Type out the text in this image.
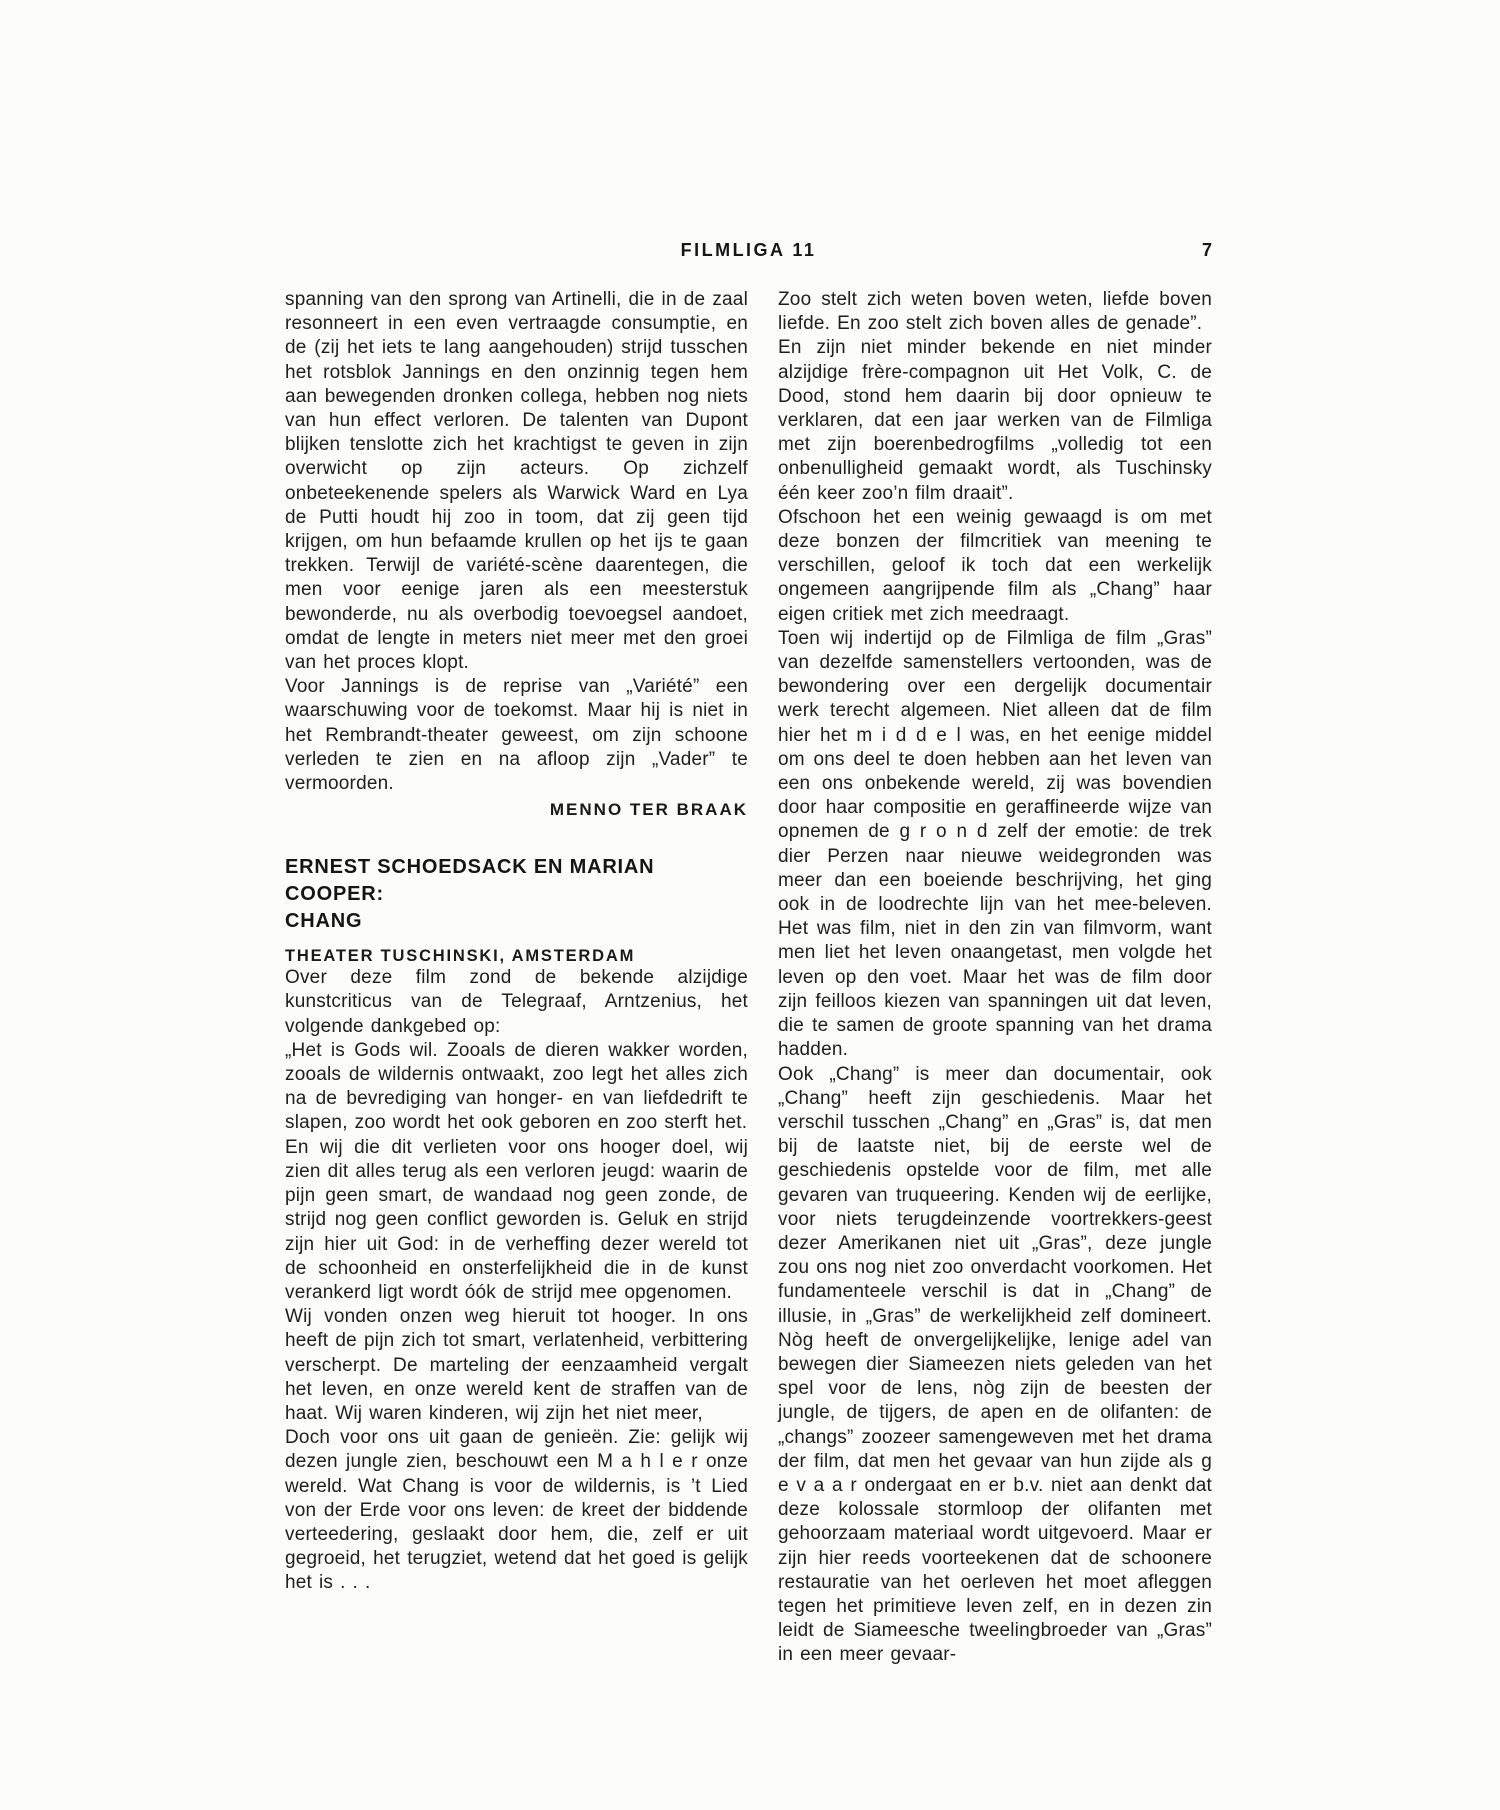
FILMLIGA 11	7

spanning van den sprong van Artinelli, die in de zaal resonneert in een even vertraagde consumptie, en de (zij het iets te lang aangehouden) strijd tusschen het rotsblok Jannings en den onzinnig tegen hem aan bewegenden dronken collega, hebben nog niets van hun effect verloren. De talenten van Dupont blijken tenslotte zich het krachtigst te geven in zijn overwicht op zijn acteurs. Op zichzelf onbeteekenende spelers als Warwick Ward en Lya de Putti houdt hij zoo in toom, dat zij geen tijd krijgen, om hun befaamde krullen op het ijs te gaan trekken. Terwijl de variété-scène daarentegen, die men voor eenige jaren als een meesterstuk bewonderde, nu als overbodig toevoegsel aandoet, omdat de lengte in meters niet meer met den groei van het proces klopt.

Voor Jannings is de reprise van „Variété” een waarschuwing voor de toekomst. Maar hij is niet in het Rembrandt-theater geweest, om zijn schoone verleden te zien en na afloop zijn „Vader” te vermoorden.

MENNO TER BRAAK

ERNEST SCHOEDSACK EN MARIAN COOPER:
CHANG
THEATER TUSCHINSKI, AMSTERDAM

Over deze film zond de bekende alzijdige kunstcriticus van de Telegraaf, Arntzenius, het volgende dankgebed op:

„Het is Gods wil. Zooals de dieren wakker worden, zooals de wildernis ontwaakt, zoo legt het alles zich na de bevrediging van honger- en van liefdedrift te slapen, zoo wordt het ook geboren en zoo sterft het.

En wij die dit verlieten voor ons hooger doel, wij zien dit alles terug als een verloren jeugd: waarin de pijn geen smart, de wandaad nog geen zonde, de strijd nog geen conflict geworden is. Geluk en strijd zijn hier uit God: in de verheffing dezer wereld tot de schoonheid en onsterfelijkheid die in de kunst verankerd ligt wordt óók de strijd mee opgenomen.

Wij vonden onzen weg hieruit tot hooger. In ons heeft de pijn zich tot smart, verlatenheid, verbittering verscherpt. De marteling der eenzaamheid vergalt het leven, en onze wereld kent de straffen van de haat. Wij waren kinderen, wij zijn het niet meer,

Doch voor ons uit gaan de genieën. Zie: gelijk wij dezen jungle zien, beschouwt een M a h l e r onze wereld. Wat Chang is voor de wildernis, is ’t Lied von der Erde voor ons leven: de kreet der biddende verteedering, geslaakt door hem, die, zelf er uit gegroeid, het terugziet, wetend dat het goed is gelijk het is . . .

Zoo stelt zich weten boven weten, liefde boven liefde. En zoo stelt zich boven alles de genade”.

En zijn niet minder bekende en niet minder alzijdige frère-compagnon uit Het Volk, C. de Dood, stond hem daarin bij door opnieuw te verklaren, dat een jaar werken van de Filmliga met zijn boerenbedrogfilms „volledig tot een onbenulligheid gemaakt wordt, als Tuschinsky één keer zoo’n film draait”.

Ofschoon het een weinig gewaagd is om met deze bonzen der filmcritiek van meening te verschillen, geloof ik toch dat een werkelijk ongemeen aangrijpende film als „Chang” haar eigen critiek met zich meedraagt.

Toen wij indertijd op de Filmliga de film „Gras” van dezelfde samenstellers vertoonden, was de bewondering over een dergelijk documentair werk terecht algemeen. Niet alleen dat de film hier het m i d d e l was, en het eenige middel om ons deel te doen hebben aan het leven van een ons onbekende wereld, zij was bovendien door haar compositie en geraffineerde wijze van opnemen de g r o n d zelf der emotie: de trek dier Perzen naar nieuwe weidegronden was meer dan een boeiende beschrijving, het ging ook in de loodrechte lijn van het mee-beleven. Het was film, niet in den zin van filmvorm, want men liet het leven onaangetast, men volgde het leven op den voet. Maar het was de film door zijn feilloos kiezen van spanningen uit dat leven, die te samen de groote spanning van het drama hadden.

Ook „Chang” is meer dan documentair, ook „Chang” heeft zijn geschiedenis. Maar het verschil tusschen „Chang” en „Gras” is, dat men bij de laatste niet, bij de eerste wel de geschiedenis opstelde voor de film, met alle gevaren van truqueering. Kenden wij de eerlijke, voor niets terugdeinzende voortrekkers-geest dezer Amerikanen niet uit „Gras”, deze jungle zou ons nog niet zoo onverdacht voorkomen. Het fundamenteele verschil is dat in „Chang” de illusie, in „Gras” de werkelijkheid zelf domineert. Nòg heeft de onvergelijkelijke, lenige adel van bewegen dier Siameezen niets geleden van het spel voor de lens, nòg zijn de beesten der jungle, de tijgers, de apen en de olifanten: de „changs” zoozeer samengeweven met het drama der film, dat men het gevaar van hun zijde als g e v a a r ondergaat en er b.v. niet aan denkt dat deze kolossale stormloop der olifanten met gehoorzaam materiaal wordt uitgevoerd. Maar er zijn hier reeds voorteekenen dat de schoonere restauratie van het oerleven het moet afleggen tegen het primitieve leven zelf, en in dezen zin leidt de Siameesche tweelingbroeder van „Gras” in een meer gevaar-
